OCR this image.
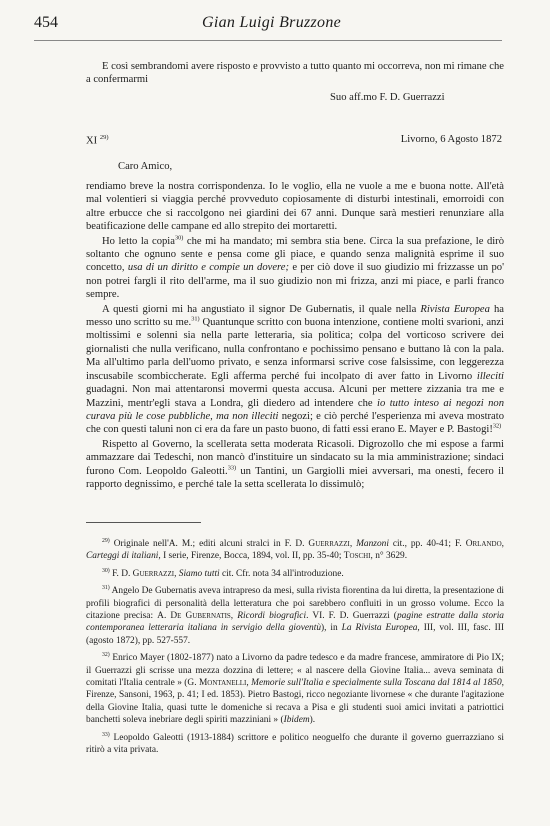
454	Gian Luigi Bruzzone
E così sembrandomi avere risposto e provvisto a tutto quanto mi occorreva, non mi rimane che a confermarmi
Suo aff.mo F. D. Guerrazzi
XI $^{29)}$	Livorno, 6 Agosto 1872
Caro Amico,

rendiamo breve la nostra corrispondenza. Io le voglio, ella ne vuole a me e buona notte. All'età mal volentieri si viaggia perché provveduto copiosamente di disturbi intestinali, emorroidi con altre erbucce che si raccolgono nei giardini dei 67 anni. Dunque sarà mestieri renunziare alla beatificazione delle campane ed allo strepito dei mortaretti.

Ho letto la copia$^{30)}$ che mi ha mandato; mi sembra stia bene. Circa la sua prefazione, le dirò soltanto che ognuno sente e pensa come gli piace, e quando senza malignità esprime il suo concetto, usa di un diritto e compie un dovere; e per ciò dove il suo giudizio mi frizzasse un po' non potrei fargli il rito dell'arme, ma il suo giudizio non mi frizza, anzi mi piace, e parli franco sempre.

A questi giorni mi ha angustiato il signor De Gubernatis, il quale nella Rivista Europea ha messo uno scritto su me.$^{31)}$ Quantunque scritto con buona intenzione, contiene molti svarioni, anzi moltissimi e solenni sia nella parte letteraria, sia politica; colpa del vorticoso scrivere dei giornalisti che nulla verificano, nulla confrontano e pochissimo pensano e buttano là con la pala. Ma all'ultimo parla dell'uomo privato, e senza informarsi scrive cose falsissime, con leggerezza inscusabile scombiccherate. Egli afferma perché fui incolpato di aver fatto in Livorno illeciti guadagni. Non mai attentaronsi movermi questa accusa. Alcuni per mettere zizzania tra me e Mazzini, mentr'egli stava a Londra, gli diedero ad intendere che io tutto inteso ai negozi non curava più le cose pubbliche, ma non illeciti negozi; e ciò perché l'esperienza mi aveva mostrato che con questi taluni non ci era da fare un pasto buono, di fatti essi erano E. Mayer e P. Bastogi!$^{32)}$

Rispetto al Governo, la scellerata setta moderata Ricasoli. Digrozollo che mi espose a farmi ammazzare dai Tedeschi, non mancò d'instituire un sindacato su la mia amministrazione; sindaci furono Com. Leopoldo Galeotti.$^{33)}$ un Tantini, un Gargiolli miei avversari, ma onesti, fecero il rapporto degnissimo, e perché tale la setta scellerata lo dissimulò;

$^{29)}$ Originale nell'A. M.; editi alcuni stralci in F. D. Guerrazzi, Manzoni cit., pp. 40-41; F. Orlando, Carteggi di italiani, I serie, Firenze, Bocca, 1894, vol. II, pp. 35-40; Toschi, n° 3629.

$^{30)}$ F. D. Guerrazzi, Siamo tutti cit. Cfr. nota 34 all'introduzione.

$^{31)}$ Angelo De Gubernatis aveva intrapreso da mesi, sulla rivista fiorentina da lui diretta, la presentazione di profili biografici di personalità della letteratura che poi sarebbero confluiti in un grosso volume. Ecco la citazione precisa: A. De Gubernatis, Ricordi biografici. VI. F. D. Guerrazzi (pagine estratte dalla storia contemporanea letteraria italiana in servigio della gioventù), in La Rivista Europea, III, vol. III, fasc. III (agosto 1872), pp. 527-557.

$^{32)}$ Enrico Mayer (1802-1877) nato a Livorno da padre tedesco e da madre francese, ammiratore di Pio IX; il Guerrazzi gli scrisse una mezza dozzina di lettere; « al nascere della Giovine Italia... aveva seminata di comitati l'Italia centrale » (G. Montanelli, Memorie sull'Italia e specialmente sulla Toscana dal 1814 al 1850, Firenze, Sansoni, 1963, p. 41; I ed. 1853). Pietro Bastogi, ricco negoziante livornese « che durante l'agitazione della Giovine Italia, quasi tutte le domeniche si recava a Pisa e gli studenti suoi amici invitati a patriottici banchetti soleva inebriare degli spiriti mazziniani » (Ibidem).

$^{33)}$ Leopoldo Galeotti (1913-1884) scrittore e politico neoguelfo che durante il governo guerrazziano si ritirò a vita privata.
